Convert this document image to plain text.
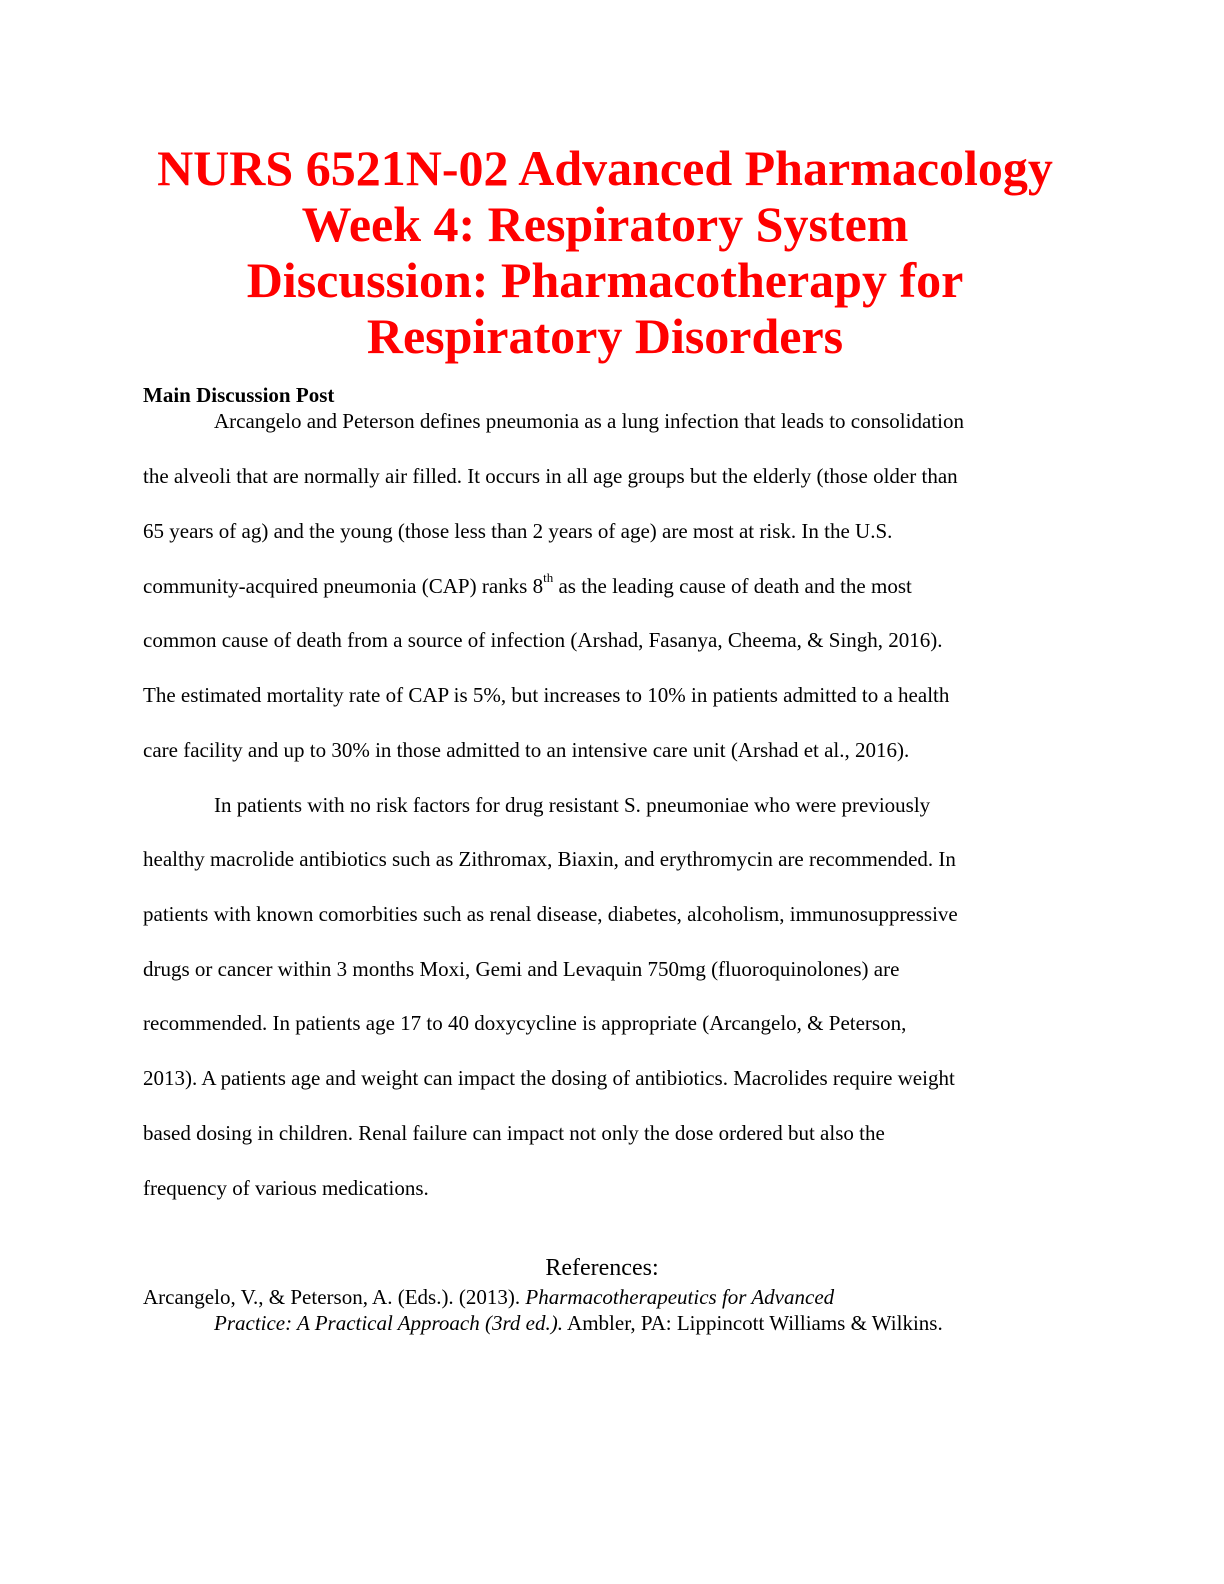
NURS 6521N-02 Advanced Pharmacology
Week 4: Respiratory System
Discussion: Pharmacotherapy for
Respiratory Disorders
Main Discussion Post
Arcangelo and Peterson defines pneumonia as a lung infection that leads to consolidation
the alveoli that are normally air filled. It occurs in all age groups but the elderly (those older than
65 years of ag) and the young (those less than 2 years of age) are most at risk. In the U.S.
community-acquired pneumonia (CAP) ranks 8th as the leading cause of death and the most
common cause of death from a source of infection (Arshad, Fasanya, Cheema, & Singh, 2016).
The estimated mortality rate of CAP is 5%, but increases to 10% in patients admitted to a health
care facility and up to 30% in those admitted to an intensive care unit (Arshad et al., 2016).
In patients with no risk factors for drug resistant S. pneumoniae who were previously
healthy macrolide antibiotics such as Zithromax, Biaxin, and erythromycin are recommended. In
patients with known comorbities such as renal disease, diabetes, alcoholism, immunosuppressive
drugs or cancer within 3 months Moxi, Gemi and Levaquin 750mg (fluoroquinolones) are
recommended. In patients age 17 to 40 doxycycline is appropriate (Arcangelo, & Peterson,
2013). A patients age and weight can impact the dosing of antibiotics. Macrolides require weight
based dosing in children. Renal failure can impact not only the dose ordered but also the
frequency of various medications.
References:
Arcangelo, V., & Peterson, A. (Eds.). (2013). Pharmacotherapeutics for Advanced
Practice: A Practical Approach (3rd ed.). Ambler, PA: Lippincott Williams & Wilkins.
